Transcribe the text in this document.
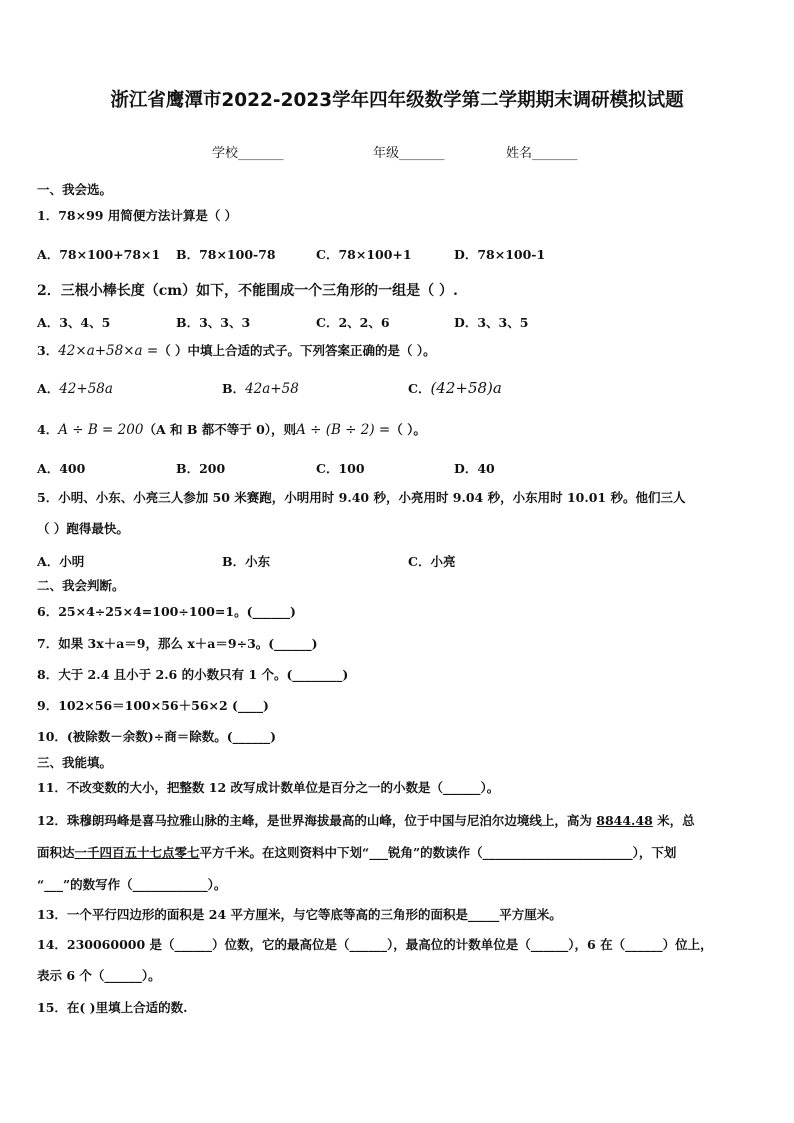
浙江省鹰潭市2022-2023学年四年级数学第二学期期末调研模拟试题
学校_______	年级_______	姓名_______
一、我会选。
1．78×99 用简便方法计算是（ ）
A．78×100+78×1 B．78×100-78	C．78×100+1	D．78×100-1
2．三根小棒长度（cm）如下，不能围成一个三角形的一组是（ ）.
A．3、4、5	B．3、3、3	C．2、2、6	D．3、3、5
3．42×a+58×a =（ ）中填上合适的式子。下列答案正确的是（ ）。
A．42+58a	B．42a+58	C．(42+58)a
4．A ÷ B = 200（A 和 B 都不等于 0），则A ÷ (B ÷ 2) =（ ）。
A．400	B．200	C．100	D．40
5．小明、小东、小亮三人参加 50 米赛跑，小明用时 9.40 秒，小亮用时 9.04 秒，小东用时 10.01 秒。他们三人
（ ）跑得最快。
A．小明	B．小东	C．小亮
二、我会判断。
6．25×4÷25×4=100÷100=1。(______)
7．如果 3x＋a＝9，那么 x＋a＝9÷3。(______)
8．大于 2.4 且小于 2.6 的小数只有 1 个。(________)
9．102×56＝100×56＋56×2 (____)
10．(被除数－余数)÷商＝除数。(______)
三、我能填。
11．不改变数的大小，把整数 12 改写成计数单位是百分之一的小数是（______）。
12．珠穆朗玛峰是喜马拉雅山脉的主峰，是世界海拔最高的山峰，位于中国与尼泊尔边境线上，高为 8844.48 米，总
面积达一千四百五十七点零七平方千米。在这则资料中下划“___锐角”的数读作（________________________），下划
“___”的数写作（____________）。
13．一个平行四边形的面积是 24 平方厘米，与它等底等高的三角形的面积是_____平方厘米。
14．230060000 是（______）位数，它的最高位是（______），最高位的计数单位是（______），6 在（______）位上，
表示 6 个（______）。
15．在( )里填上合适的数.
